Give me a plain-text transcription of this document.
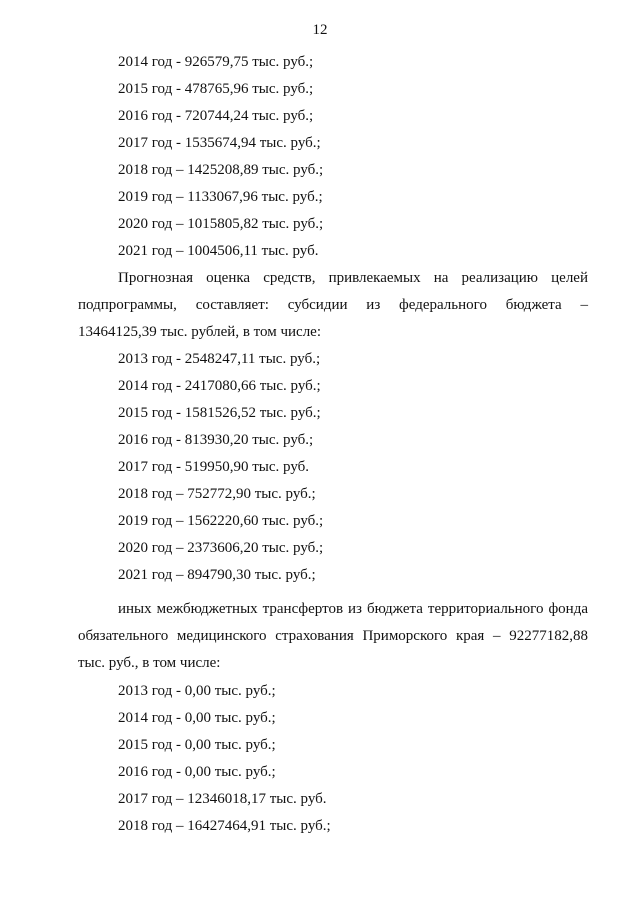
12
2014 год - 926579,75 тыс. руб.;
2015 год - 478765,96 тыс. руб.;
2016 год - 720744,24 тыс. руб.;
2017 год - 1535674,94 тыс. руб.;
2018 год – 1425208,89 тыс. руб.;
2019 год – 1133067,96 тыс. руб.;
2020 год – 1015805,82 тыс. руб.;
2021 год – 1004506,11 тыс. руб.
Прогнозная оценка средств, привлекаемых на реализацию целей
подпрограммы, составляет: субсидии из федерального бюджета –
13464125,39 тыс. рублей, в том числе:
2013 год - 2548247,11 тыс. руб.;
2014 год - 2417080,66 тыс. руб.;
2015 год - 1581526,52 тыс. руб.;
2016 год - 813930,20 тыс. руб.;
2017 год - 519950,90 тыс. руб.
2018 год – 752772,90 тыс. руб.;
2019 год – 1562220,60 тыс. руб.;
2020 год – 2373606,20 тыс. руб.;
2021 год – 894790,30 тыс. руб.;
иных межбюджетных трансфертов из бюджета территориального фонда обязательного медицинского страхования Приморского края – 92277182,88 тыс. руб., в том числе:
2013 год - 0,00 тыс. руб.;
2014 год - 0,00 тыс. руб.;
2015 год - 0,00 тыс. руб.;
2016 год - 0,00 тыс. руб.;
2017 год – 12346018,17 тыс. руб.
2018 год – 16427464,91 тыс. руб.;
